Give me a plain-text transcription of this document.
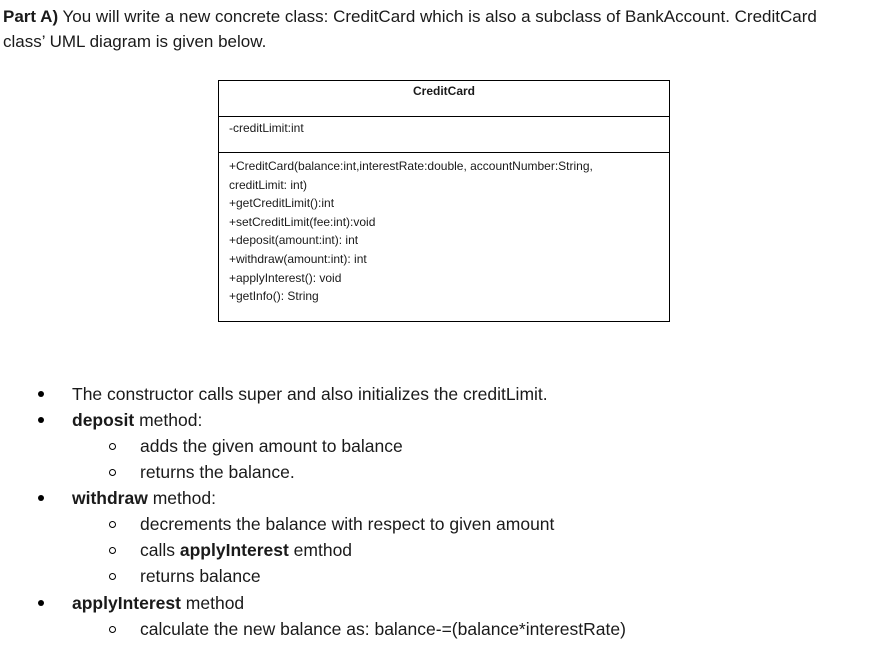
Part A) You will write a new concrete class: CreditCard which is also a subclass of BankAccount. CreditCard
class’ UML diagram is given below.

CreditCard
-creditLimit:int
+CreditCard(balance:int,interestRate:double, accountNumber:String,
creditLimit: int)
+getCreditLimit():int
+setCreditLimit(fee:int):void
+deposit(amount:int): int
+withdraw(amount:int): int
+applyInterest(): void
+getInfo(): String
The constructor calls super and also initializes the creditLimit.
deposit method:
adds the given amount to balance
returns the balance.
withdraw method:
decrements the balance with respect to given amount
calls applyInterest emthod
returns balance
applyInterest method
calculate the new balance as: balance-=(balance*interestRate)
